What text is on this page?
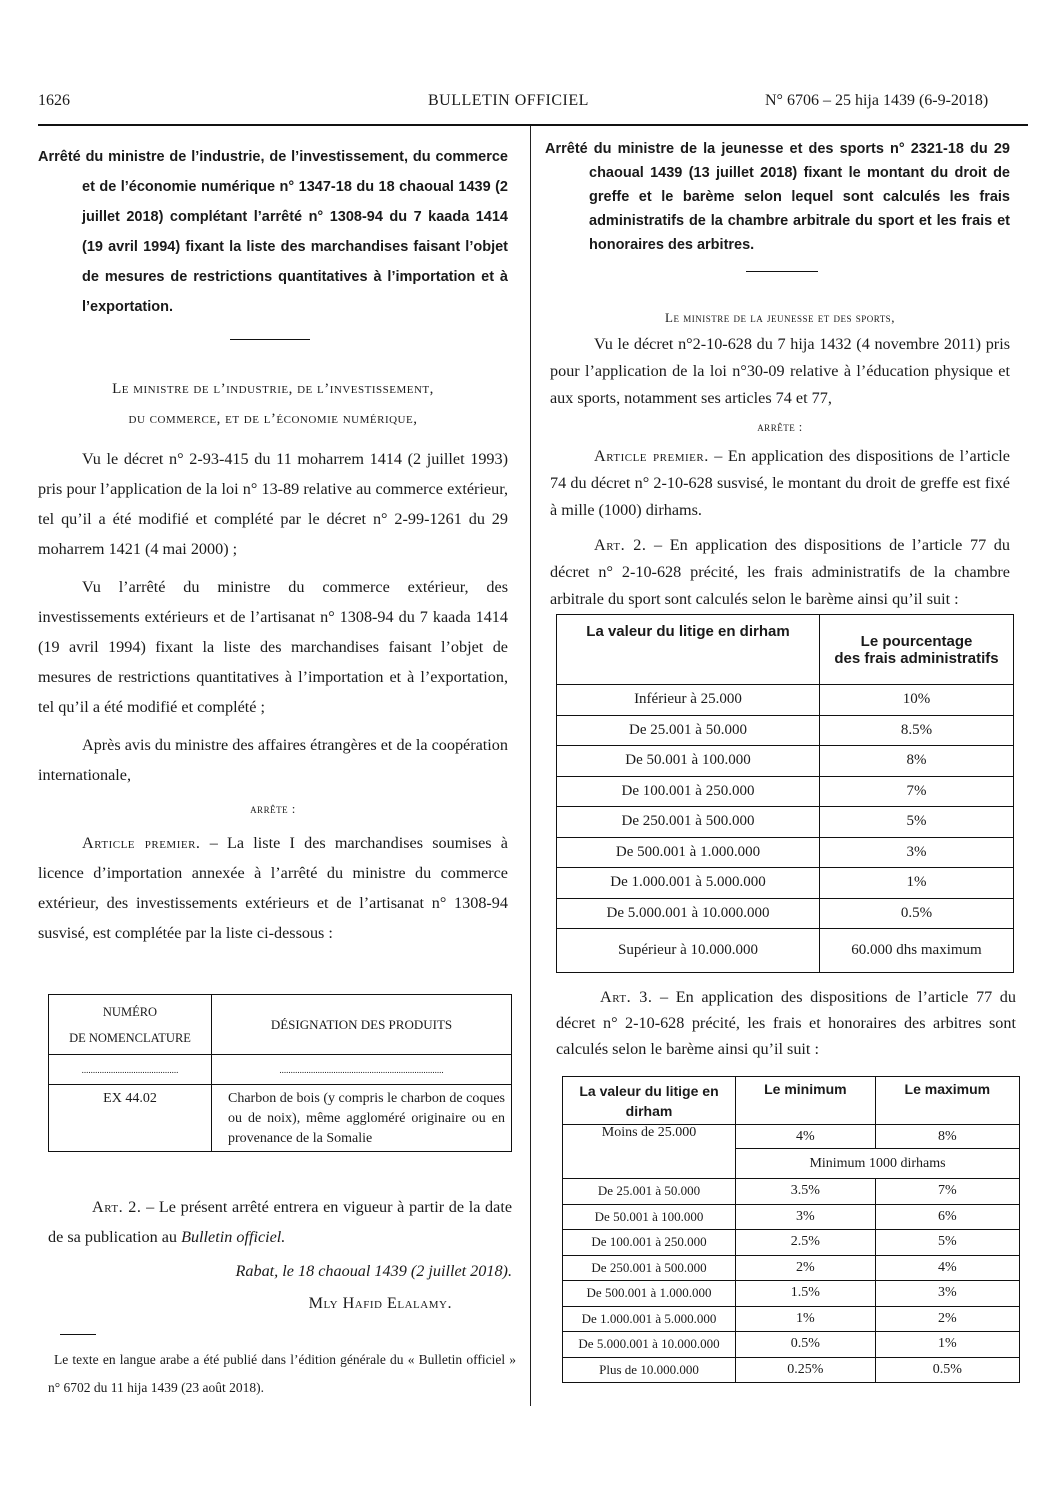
1626	BULLETIN OFFICIEL	N° 6706 – 25 hija 1439 (6-9-2018)

Arrêté du ministre de l’industrie, de l’investissement, du commerce et de l’économie numérique n° 1347-18 du 18 chaoual 1439 (2 juillet 2018) complétant l’arrêté n° 1308-94 du 7 kaada 1414 (19 avril 1994) fixant la liste des marchandises faisant l’objet de mesures de restrictions quantitatives à l’importation et à l’exportation.

Le ministre de l’industrie, de l’investissement,

du commerce, et de l’économie numérique,

Vu le décret n° 2-93-415 du 11 moharrem 1414 (2 juillet 1993) pris pour l’application de la loi n° 13-89 relative au commerce extérieur, tel qu’il a été modifié et complété par le décret n° 2-99-1261 du 29 moharrem 1421 (4 mai 2000) ;

Vu l’arrêté du ministre du commerce extérieur, des investissements extérieurs et de l’artisanat n° 1308-94 du 7 kaada 1414 (19 avril 1994) fixant la liste des marchandises faisant l’objet de mesures de restrictions quantitatives à l’importation et à l’exportation, tel qu’il a été modifié et complété ;

Après avis du ministre des affaires étrangères et de la coopération internationale,

arrête :

Article premier. – La liste I des marchandises soumises à licence d’importation annexée à l’arrêté du ministre du commerce extérieur, des investissements extérieurs et de l’artisanat n° 1308-94 susvisé, est complétée par la liste ci-dessous :

NUMÉRO
DE NOMENCLATURE	DÉSIGNATION DES PRODUITS
...........................................	.........................................................................
EX 44.02	Charbon de bois (y compris le charbon de coques ou de noix), même aggloméré originaire ou en provenance de la Somalie

Art. 2. – Le présent arrêté entrera en vigueur à partir de la date de sa publication au Bulletin officiel.

Rabat, le 18 chaoual 1439 (2 juillet 2018).

Mly Hafid Elalamy.

Le texte en langue arabe a été publié dans l’édition générale du « Bulletin officiel » n° 6702 du 11 hija 1439 (23 août 2018).

Arrêté du ministre de la jeunesse et des sports n° 2321-18 du 29 chaoual 1439 (13 juillet 2018) fixant le montant du droit de greffe et le barème selon lequel sont calculés les frais administratifs de la chambre arbitrale du sport et les frais et honoraires des arbitres.

Le ministre de la jeunesse et des sports,

Vu le décret n°2-10-628 du 7 hija 1432 (4 novembre 2011) pris pour l’application de la loi n°30-09 relative à l’éducation physique et aux sports, notamment ses articles 74 et 77,

arrête :

Article premier. – En application des dispositions de l’article 74 du décret n° 2-10-628 susvisé, le montant du droit de greffe est fixé à mille (1000) dirhams.

Art. 2. – En application des dispositions de l’article 77 du décret n° 2-10-628 précité, les frais administratifs de la chambre arbitrale du sport sont calculés selon le barème ainsi qu’il suit :

La valeur du litige en dirham	Le pourcentage
des frais administratifs
Inférieur à 25.000	10%
De 25.001 à 50.000	8.5%
De 50.001 à 100.000	8%
De 100.001 à 250.000	7%
De 250.001 à 500.000	5%
De 500.001 à 1.000.000	3%
De 1.000.001 à 5.000.000	1%
De 5.000.001 à 10.000.000	0.5%
Supérieur à 10.000.000	60.000 dhs maximum

Art. 3. – En application des dispositions de l’article 77 du décret n° 2-10-628 précité, les frais et honoraires des arbitres sont calculés selon le barème ainsi qu’il suit :

La valeur du litige en dirham	Le minimum	Le maximum
Moins de 25.000	4%	8%
	Minimum 1000 dirhams	
De 25.001 à 50.000	3.5%	7%
De 50.001 à 100.000	3%	6%
De 100.001 à 250.000	2.5%	5%
De 250.001 à 500.000	2%	4%
De 500.001 à 1.000.000	1.5%	3%
De 1.000.001 à 5.000.000	1%	2%
De 5.000.001 à 10.000.000	0.5%	1%
Plus de 10.000.000	0.25%	0.5%
